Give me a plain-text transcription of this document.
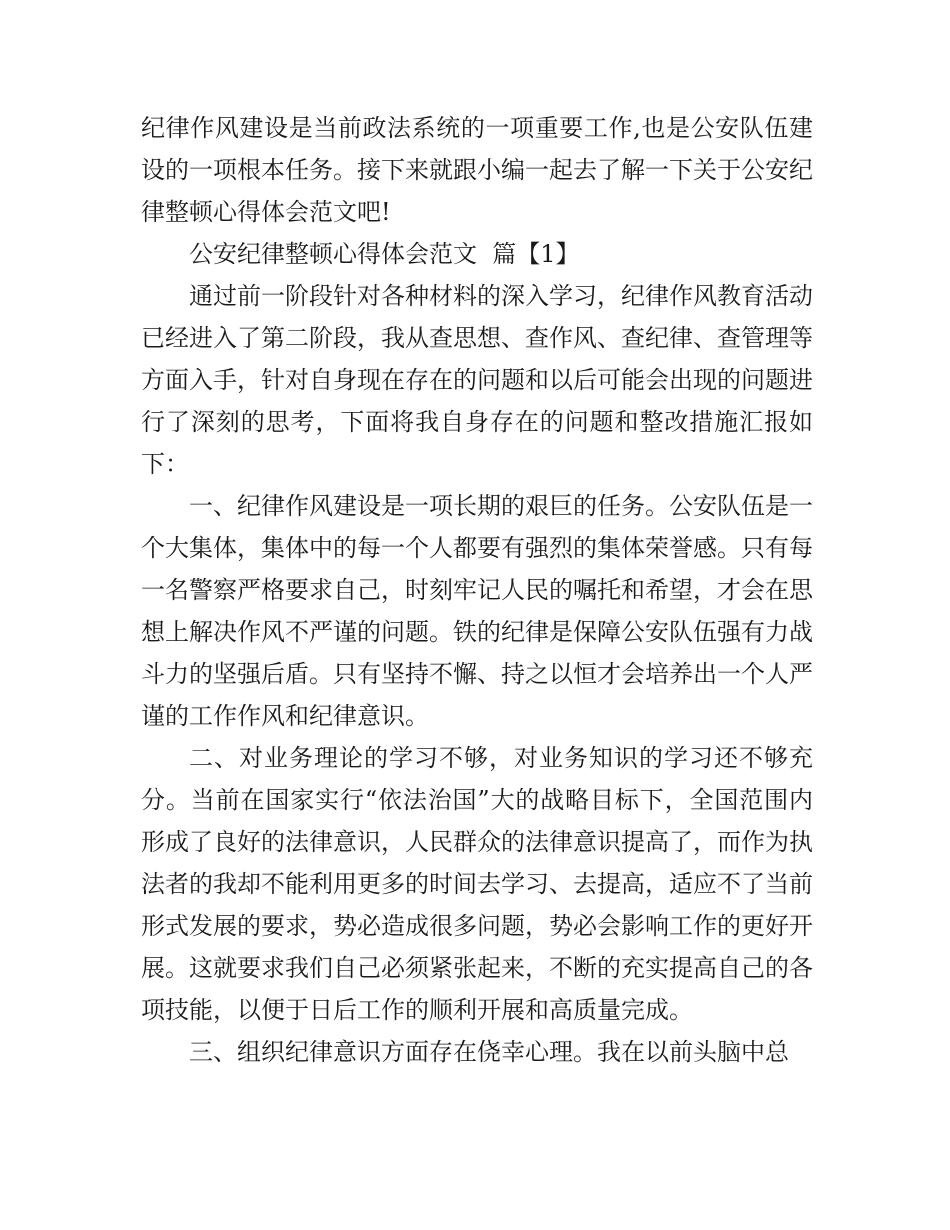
纪律作风建设是当前政法系统的一项重要工作,也是公安队伍建设的一项根本任务。接下来就跟小编一起去了解一下关于公安纪律整顿心得体会范文吧!

公安纪律整顿心得体会范文  篇【1】

通过前一阶段针对各种材料的深入学习，纪律作风教育活动已经进入了第二阶段，我从查思想、查作风、查纪律、查管理等方面入手，针对自身现在存在的问题和以后可能会出现的问题进行了深刻的思考，下面将我自身存在的问题和整改措施汇报如下：

一、纪律作风建设是一项长期的艰巨的任务。公安队伍是一个大集体，集体中的每一个人都要有强烈的集体荣誉感。只有每一名警察严格要求自己，时刻牢记人民的嘱托和希望，才会在思想上解决作风不严谨的问题。铁的纪律是保障公安队伍强有力战斗力的坚强后盾。只有坚持不懈、持之以恒才会培养出一个人严谨的工作作风和纪律意识。

二、对业务理论的学习不够，对业务知识的学习还不够充分。当前在国家实行“依法治国”大的战略目标下，全国范围内形成了良好的法律意识，人民群众的法律意识提高了，而作为执法者的我却不能利用更多的时间去学习、去提高，适应不了当前形式发展的要求，势必造成很多问题，势必会影响工作的更好开展。这就要求我们自己必须紧张起来，不断的充实提高自己的各项技能，以便于日后工作的顺利开展和高质量完成。

三、组织纪律意识方面存在侥幸心理。我在以前头脑中总
